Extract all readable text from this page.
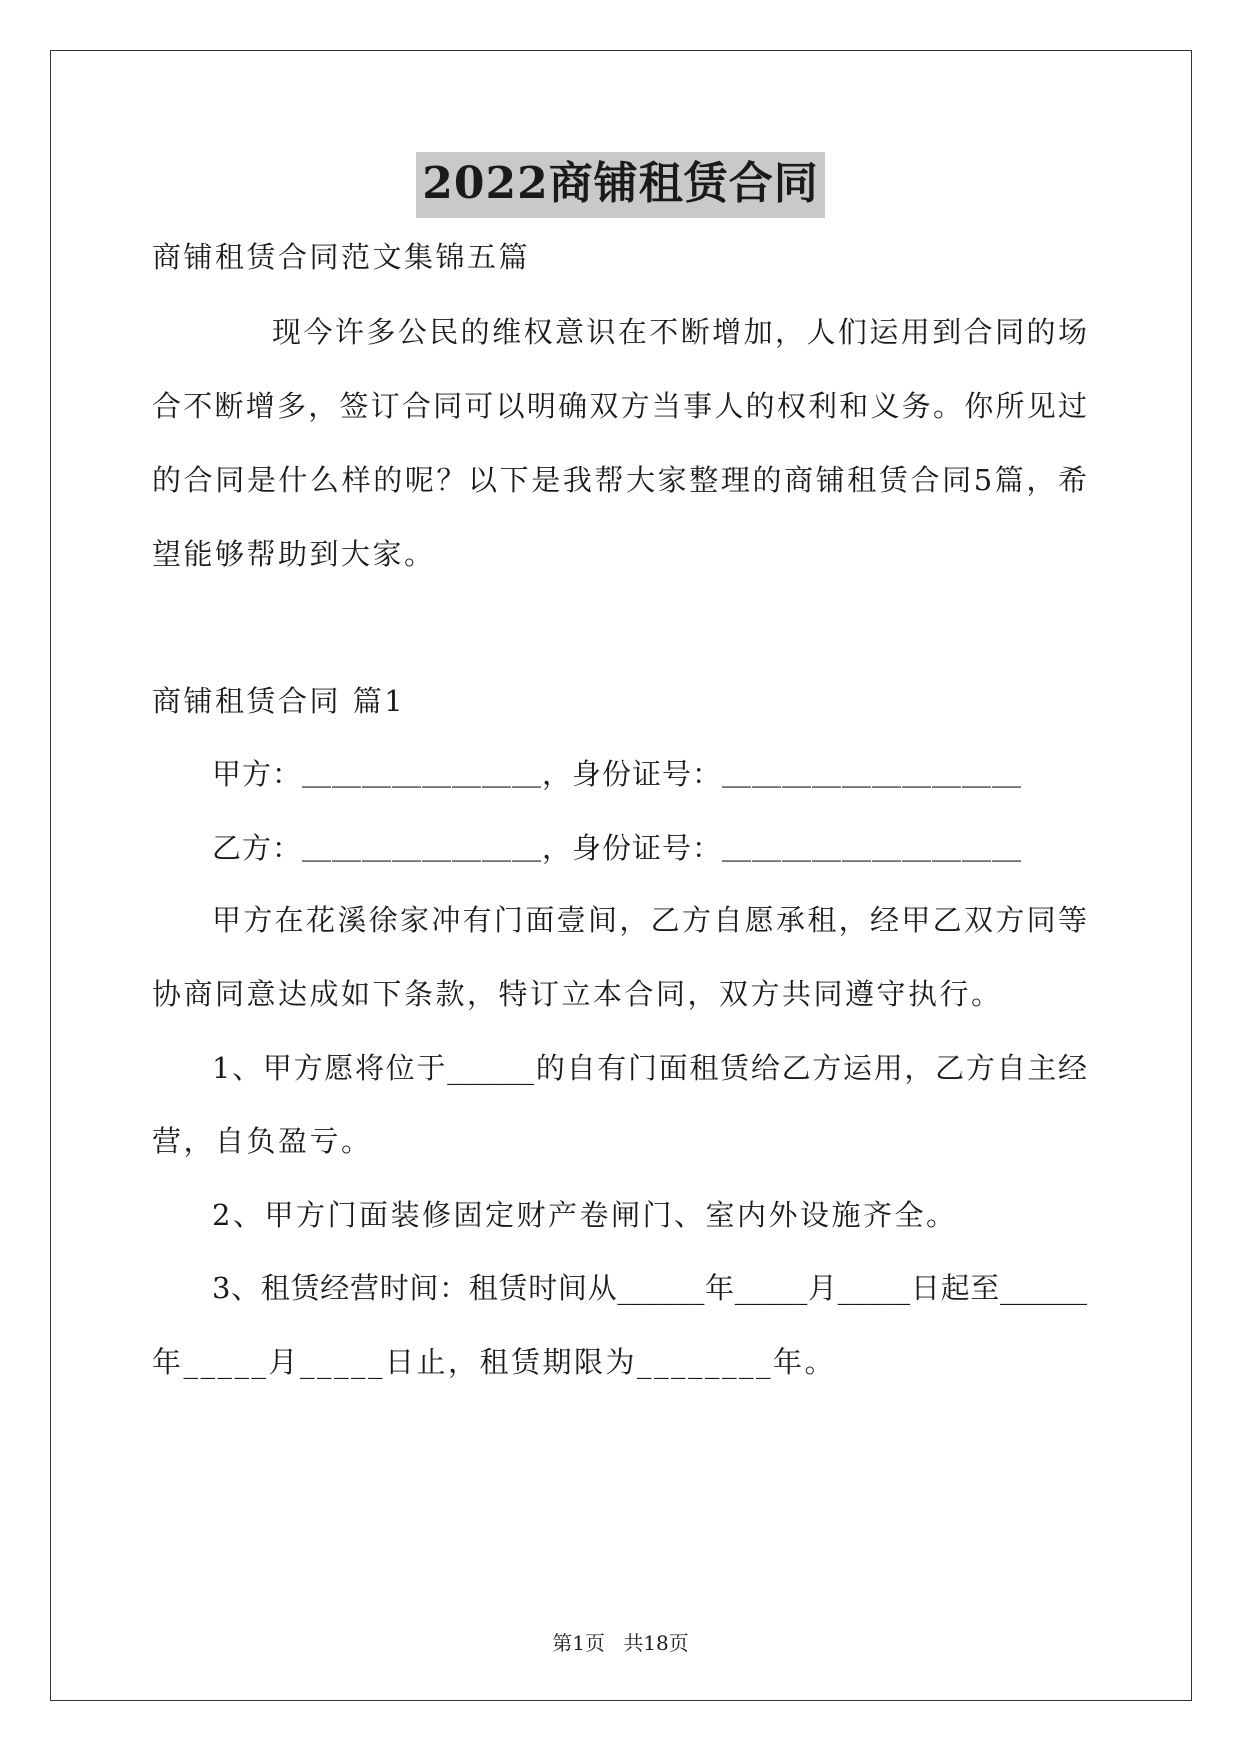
2022商铺租赁合同
商铺租赁合同范文集锦五篇
现今许多公民的维权意识在不断增加，人们运用到合同的场
合不断增多，签订合同可以明确双方当事人的权利和义务。你所见过
的合同是什么样的呢？以下是我帮大家整理的商铺租赁合同5篇，希
望能够帮助到大家。
商铺租赁合同 篇1
甲方：＿＿＿＿＿＿＿＿，身份证号：＿＿＿＿＿＿＿＿＿＿
乙方：＿＿＿＿＿＿＿＿，身份证号：＿＿＿＿＿＿＿＿＿＿
甲方在花溪徐家冲有门面壹间，乙方自愿承租，经甲乙双方同等
协商同意达成如下条款，特订立本合同，双方共同遵守执行。
1、甲方愿将位于______的自有门面租赁给乙方运用，乙方自主经
营，自负盈亏。
2、甲方门面装修固定财产卷闸门、室内外设施齐全。
3、租赁经营时间：租赁时间从______年_____月_____日起至______
年_____月_____日止，租赁期限为________年。
第1页 共18页
